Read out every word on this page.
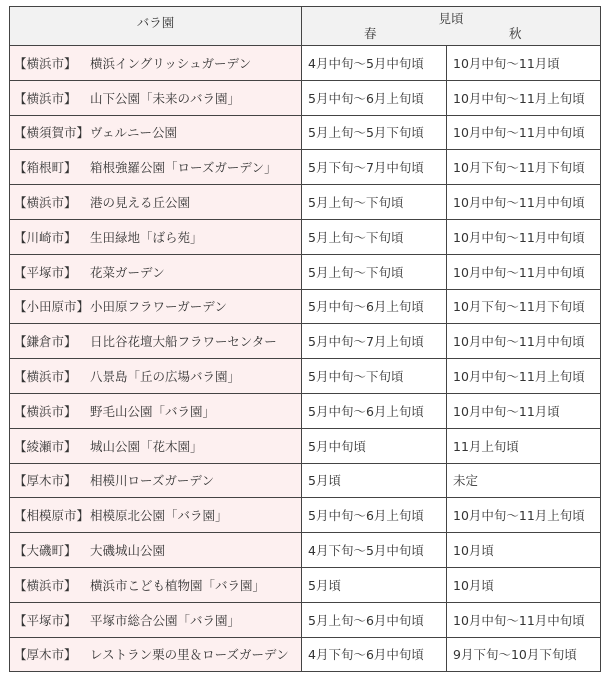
バラ園	見頃
春 秋	

【横浜市】 横浜イングリッシュガーデン	4月中旬～5月中旬頃	10月中旬～11月頃
【横浜市】 山下公園「未来のバラ園」	5月中旬～6月上旬頃	10月中旬～11月上旬頃
【横須賀市】ヴェルニー公園	5月上旬～5月下旬頃	10月中旬～11月中旬頃
【箱根町】 箱根強羅公園「ローズガーデン」	5月下旬～7月中旬頃	10月下旬～11月下旬頃
【横浜市】 港の見える丘公園	5月上旬～下旬頃	10月中旬～11月中旬頃
【川崎市】 生田緑地「ばら苑」	5月上旬～下旬頃	10月中旬～11月中旬頃
【平塚市】 花菜ガーデン	5月上旬～下旬頃	10月中旬～11月中旬頃
【小田原市】小田原フラワーガーデン	5月中旬～6月上旬頃	10月下旬～11月下旬頃
【鎌倉市】 日比谷花壇大船フラワーセンター	5月中旬～7月上旬頃	10月中旬～11月中旬頃
【横浜市】 八景島「丘の広場バラ園」	5月中旬～下旬頃	10月中旬～11月上旬頃
【横浜市】 野毛山公園「バラ園」	5月中旬～6月上旬頃	10月中旬～11月頃
【綾瀬市】 城山公園「花木園」	5月中旬頃	11月上旬頃
【厚木市】 相模川ローズガーデン	5月頃	未定
【相模原市】相模原北公園「バラ園」	5月中旬～6月上旬頃	10月中旬～11月上旬頃
【大磯町】 大磯城山公園	4月下旬～5月中旬頃	10月頃
【横浜市】 横浜市こども植物園「バラ園」	5月頃	10月頃
【平塚市】 平塚市総合公園「バラ園」	5月上旬～6月中旬頃	10月中旬～11月中旬頃
【厚木市】 レストラン栗の里＆ローズガーデン	4月下旬～6月中旬頃	9月下旬～10月下旬頃
